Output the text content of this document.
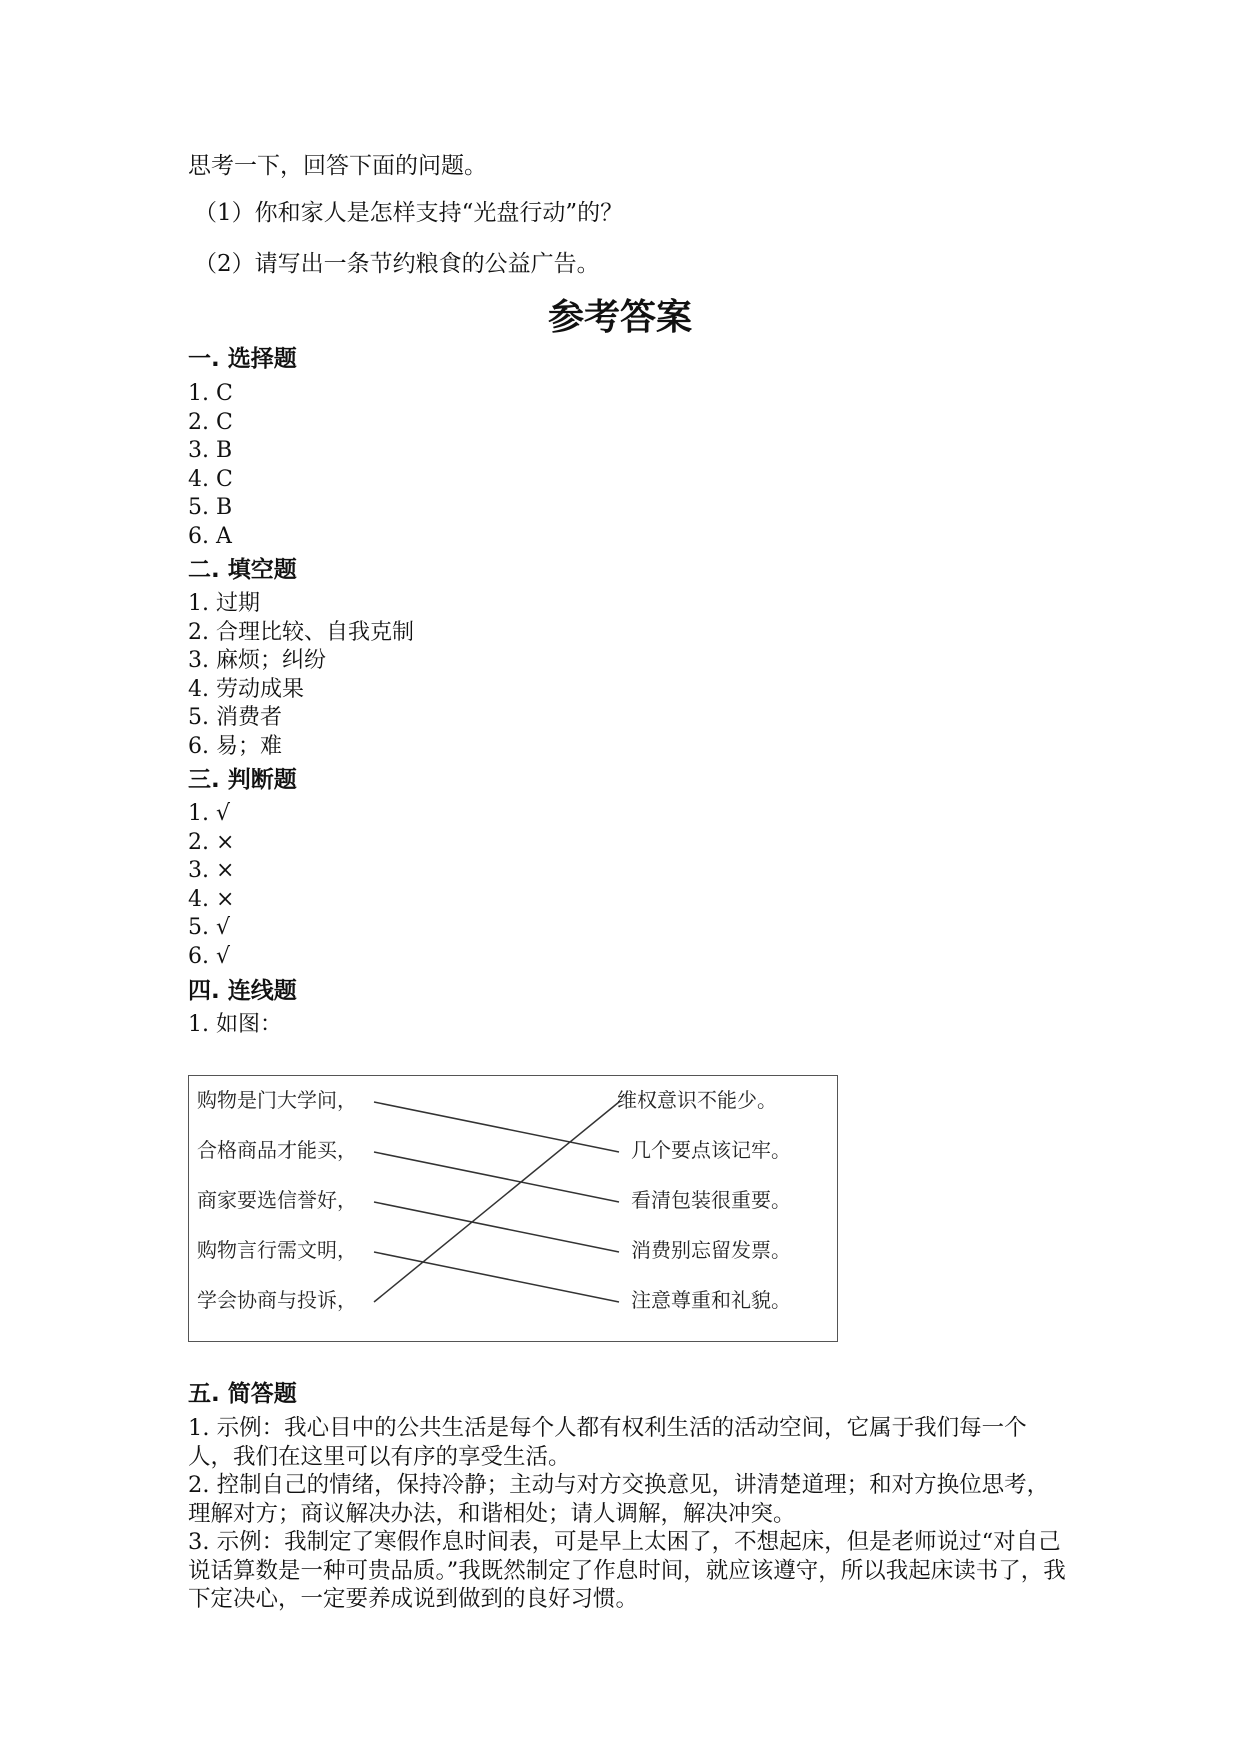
思考一下，回答下面的问题。
（1）你和家人是怎样支持“光盘行动”的？
（2）请写出一条节约粮食的公益广告。
参考答案
一. 选择题
1. C
2. C
3. B
4. C
5. B
6. A
二. 填空题
1. 过期
2. 合理比较、自我克制
3. 麻烦；纠纷
4. 劳动成果
5. 消费者
6. 易；难
三. 判断题
1. √
2. ×
3. ×
4. ×
5. √
6. √
四. 连线题
1. 如图：
购物是门大学问，
合格商品才能买，
商家要选信誉好，
购物言行需文明，
学会协商与投诉，
维权意识不能少。
几个要点该记牢。
看清包装很重要。
消费别忘留发票。
注意尊重和礼貌。
五. 简答题

1. 示例：我心目中的公共生活是每个人都有权利生活的活动空间，它属于我们每一个人，我们在这里可以有序的享受生活。

2. 控制自己的情绪，保持冷静；主动与对方交换意见，讲清楚道理；和对方换位思考，理解对方；商议解决办法，和谐相处；请人调解，解决冲突。

3. 示例：我制定了寒假作息时间表，可是早上太困了，不想起床，但是老师说过“对自己说话算数是一种可贵品质。”我既然制定了作息时间，就应该遵守，所以我起床读书了，我下定决心，一定要养成说到做到的良好习惯。
